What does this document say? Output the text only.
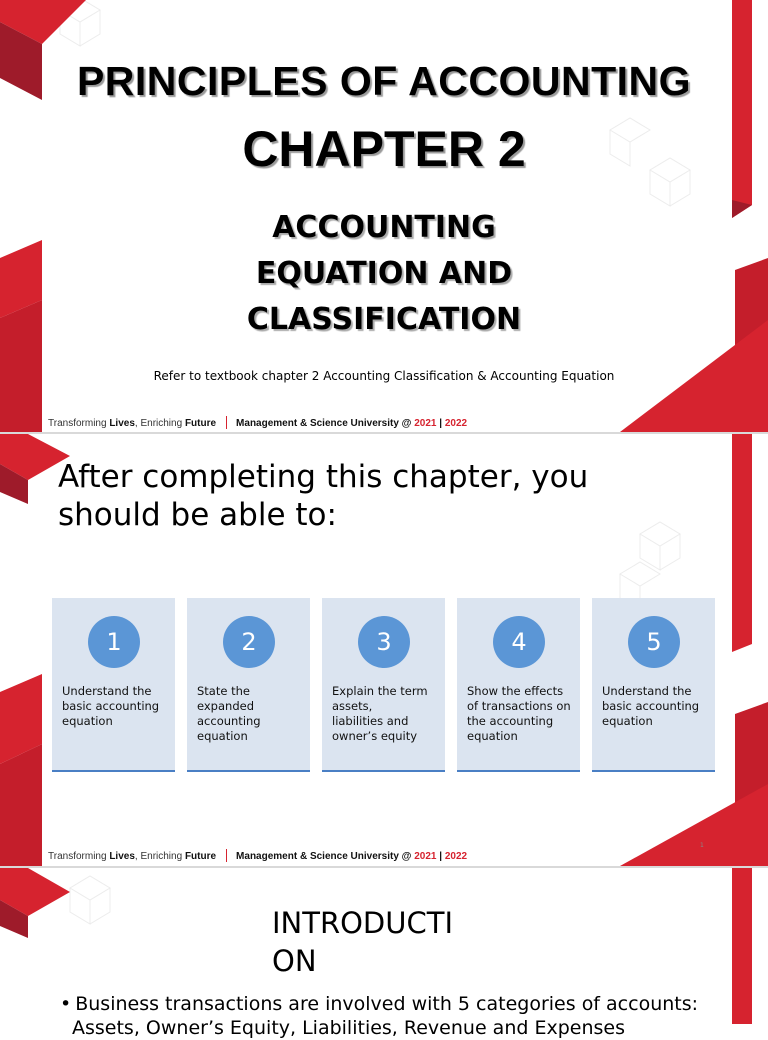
PRINCIPLES OF ACCOUNTING
CHAPTER 2
ACCOUNTING
EQUATION AND
CLASSIFICATION
Refer to textbook chapter 2 Accounting Classification & Accounting Equation
Transforming Lives, Enriching Future Management & Science University @ 2021 | 2022
After completing this chapter, you should be able to:
1
Understand the
basic accounting
equation
2
State the
expanded
accounting
equation
3
Explain the term
assets,
liabilities and
owner’s equity
4
Show the effects
of transactions on
the accounting
equation
5
Understand the
basic accounting
equation
1
Transforming Lives, Enriching Future Management & Science University @ 2021 | 2022
INTRODUCTI
ON
• Business transactions are involved with 5 categories of accounts:
Assets, Owner’s Equity, Liabilities, Revenue and Expenses
